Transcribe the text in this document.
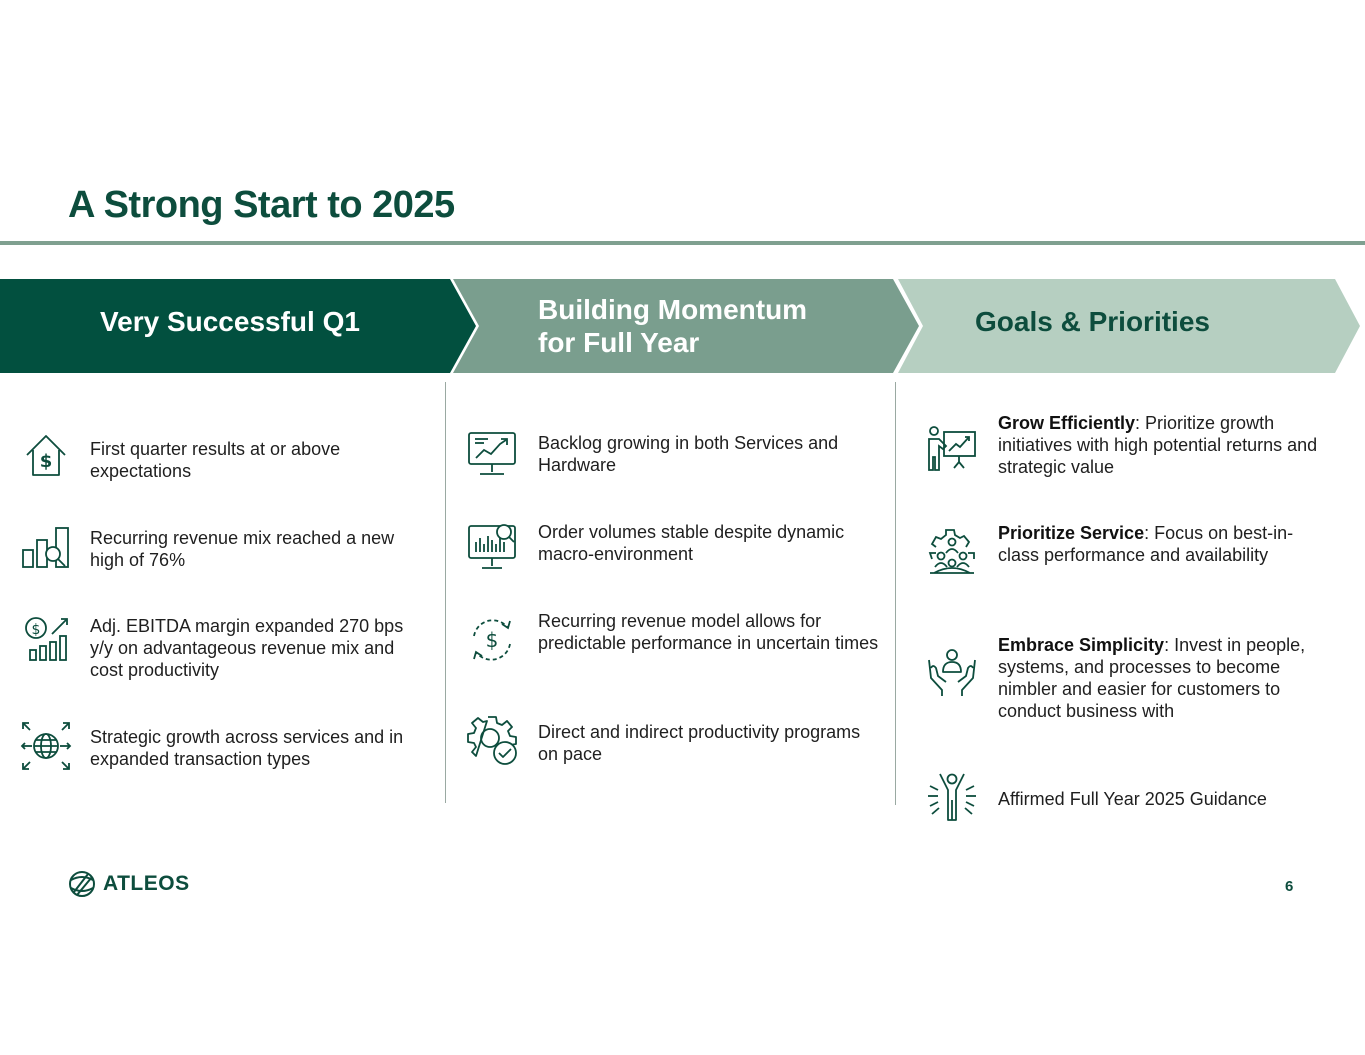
A Strong Start to 2025
Very Successful Q1	Building Momentum
for Full Year
Goals & Priorities
$
First quarter results at or above expectations
Recurring revenue mix reached a new high of 76%
$	Adj. EBITDA margin expanded 270 bps y/y on advantageous revenue mix and cost productivity
Strategic growth across services and in expanded transaction types
Backlog growing in both Services and Hardware
Order volumes stable despite dynamic macro-environment
$
Recurring revenue model allows for predictable performance in uncertain times
Direct and indirect productivity programs on pace
Grow Efficiently: Prioritize growth initiatives with high potential returns and strategic value
Prioritize Service: Focus on best-in-class performance and availability
Embrace Simplicity: Invest in people, systems, and processes to become nimbler and easier for customers to conduct business with
Affirmed Full Year 2025 Guidance
ATLEOS	6
